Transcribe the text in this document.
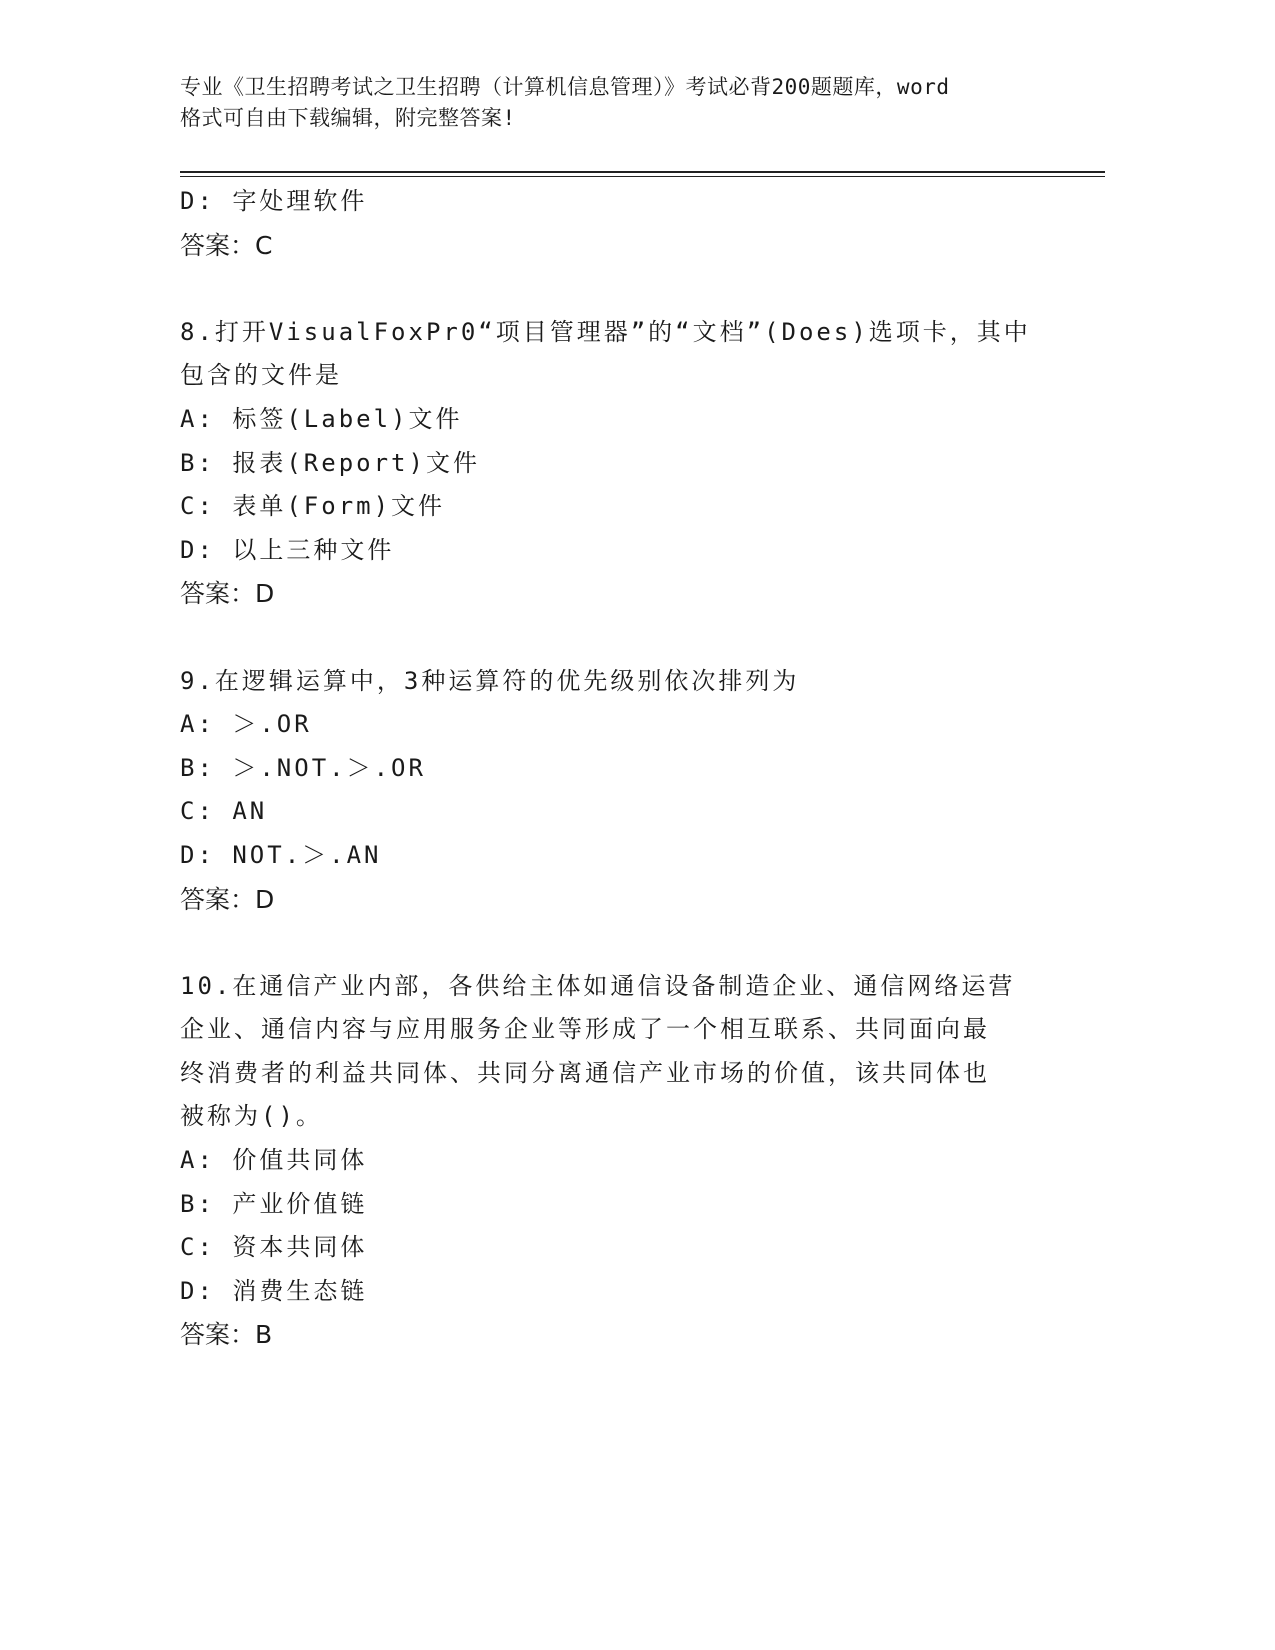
专业《卫生招聘考试之卫生招聘（计算机信息管理）》考试必背200题题库，word
格式可自由下载编辑，附完整答案!
D: 字处理软件
答案：C
8.打开VisualFoxPr0“项目管理器”的“文档”(Does)选项卡，其中
包含的文件是
A: 标签(Label)文件
B: 报表(Report)文件
C: 表单(Form)文件
D: 以上三种文件
答案：D
9.在逻辑运算中，3种运算符的优先级别依次排列为
A: ＞.OR
B: ＞.NOT.＞.OR
C: AN
D: NOT.＞.AN
答案：D
10.在通信产业内部，各供给主体如通信设备制造企业、通信网络运营
企业、通信内容与应用服务企业等形成了一个相互联系、共同面向最
终消费者的利益共同体、共同分离通信产业市场的价值，该共同体也
被称为()。
A: 价值共同体
B: 产业价值链
C: 资本共同体
D: 消费生态链
答案：B
